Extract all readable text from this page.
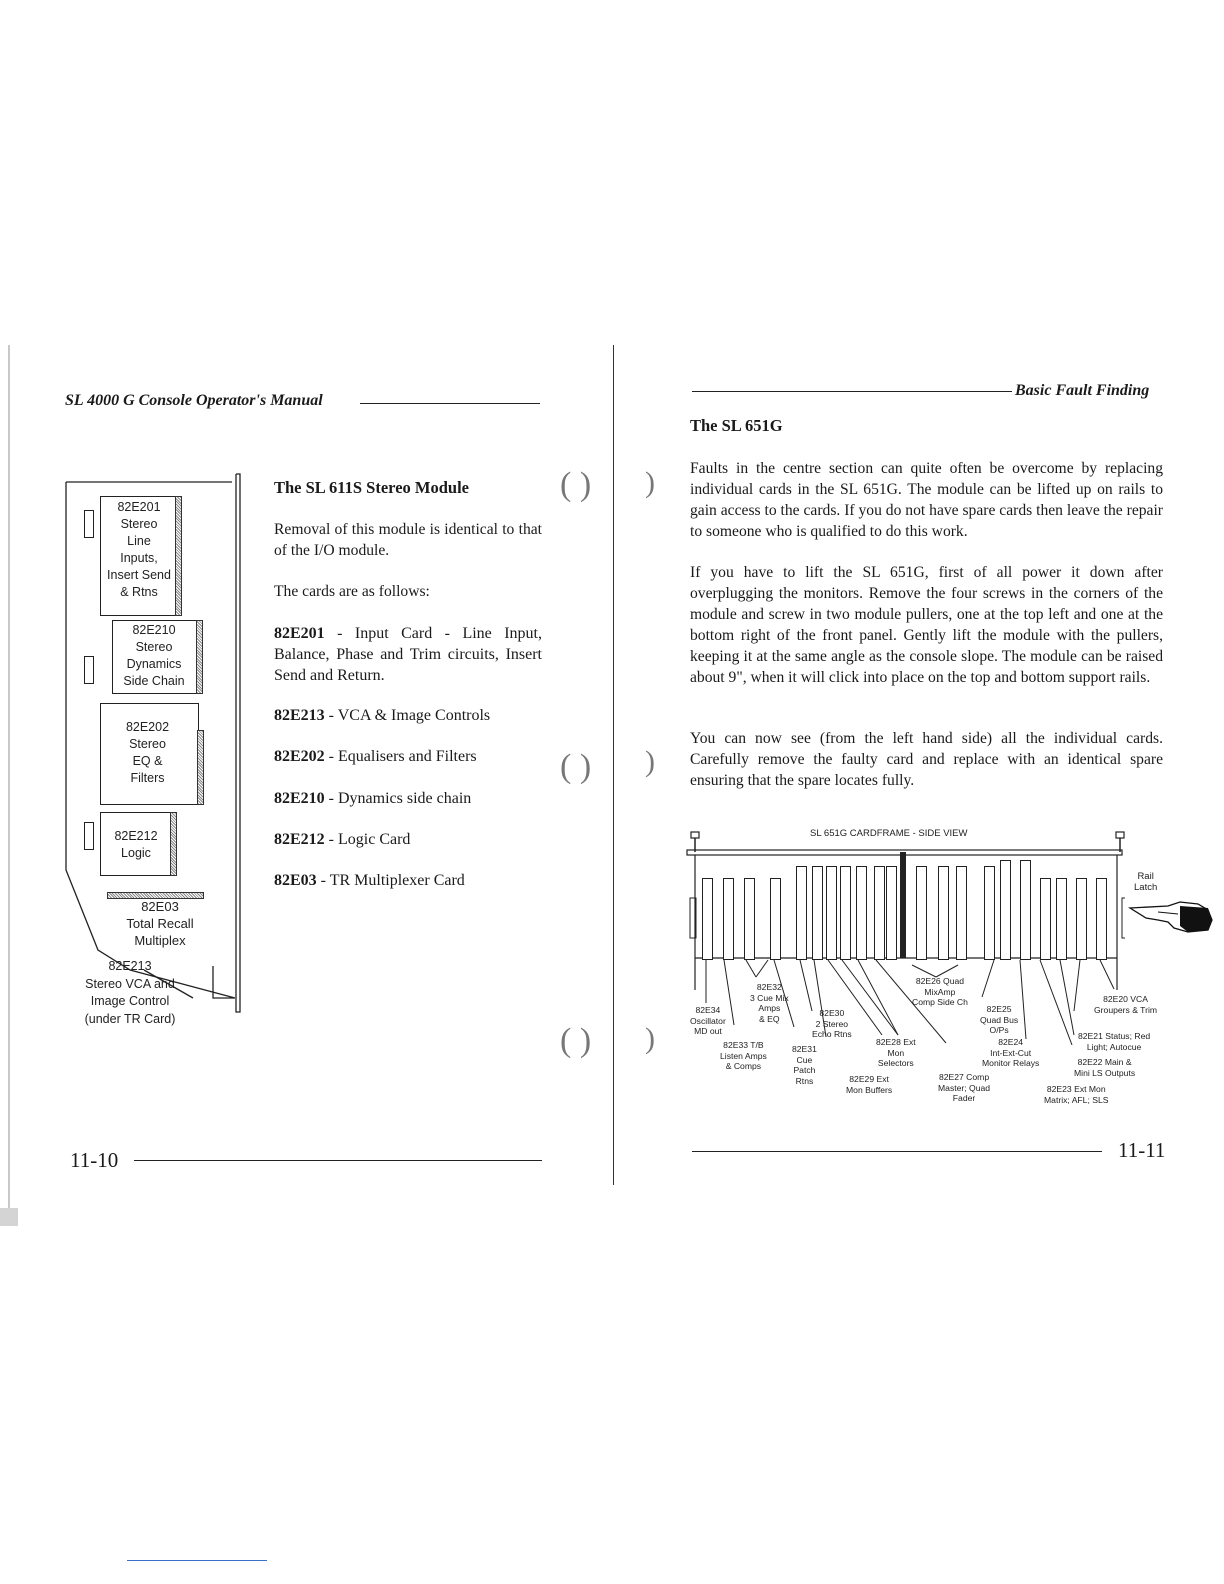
SL 4000 G Console Operator's Manual
82E201
Stereo
Line
Inputs,
Insert Send
& Rtns
82E210
Stereo
Dynamics
Side Chain
82E202
Stereo
EQ &
Filters
82E212
Logic
82E03
Total Recall
Multiplex
82E213
Stereo VCA and
Image Control
(under TR Card)
The SL 611S Stereo Module
Removal of this module is identical to that of the I/O module.
The cards are as follows:
82E201 - Input Card - Line Input, Balance, Phase and Trim circuits, Insert Send and Return.
82E213 - VCA & Image Controls
82E202 - Equalisers and Filters
82E210 - Dynamics side chain
82E212 - Logic Card
82E03 - TR Multiplexer Card
( )
( )
( )
11-10
Basic Fault Finding
The SL 651G
Faults in the centre section can quite often be overcome by replacing individual cards in the SL 651G. The module can be lifted up on rails to gain access to the cards. If you do not have spare cards then leave the repair to someone who is qualified to do this work.
If you have to lift the SL 651G, first of all power it down after overplugging the monitors. Remove the four screws in the corners of the module and screw in two module pullers, one at the top left and one at the bottom right of the front panel. Gently lift the module with the pullers, keeping it at the same angle as the console slope. The module can be raised about 9", when it will click into place on the top and bottom support rails.
You can now see (from the left hand side) all the individual cards. Carefully remove the faulty card and replace with an identical spare ensuring that the spare locates fully.
)
)
)
SL 651G CARDFRAME - SIDE VIEW
Rail
Latch
82E34
Oscillator
MD out
82E33 T/B
Listen Amps
& Comps
82E32
3 Cue Mix
Amps
& EQ
82E31
Cue
Patch
Rtns
82E30
2 Stereo
Echo Rtns
82E29 Ext
Mon Buffers
82E28 Ext
Mon
Selectors
82E26 Quad
MixAmp
Comp Side Ch
82E27 Comp
Master; Quad
Fader
82E25
Quad Bus
O/Ps
82E24
Int-Ext-Cut
Monitor Relays
82E23 Ext Mon
Matrix; AFL; SLS
82E22 Main &
Mini LS Outputs
82E21 Status; Red
Light; Autocue
82E20 VCA
Groupers & Trim
11-11
